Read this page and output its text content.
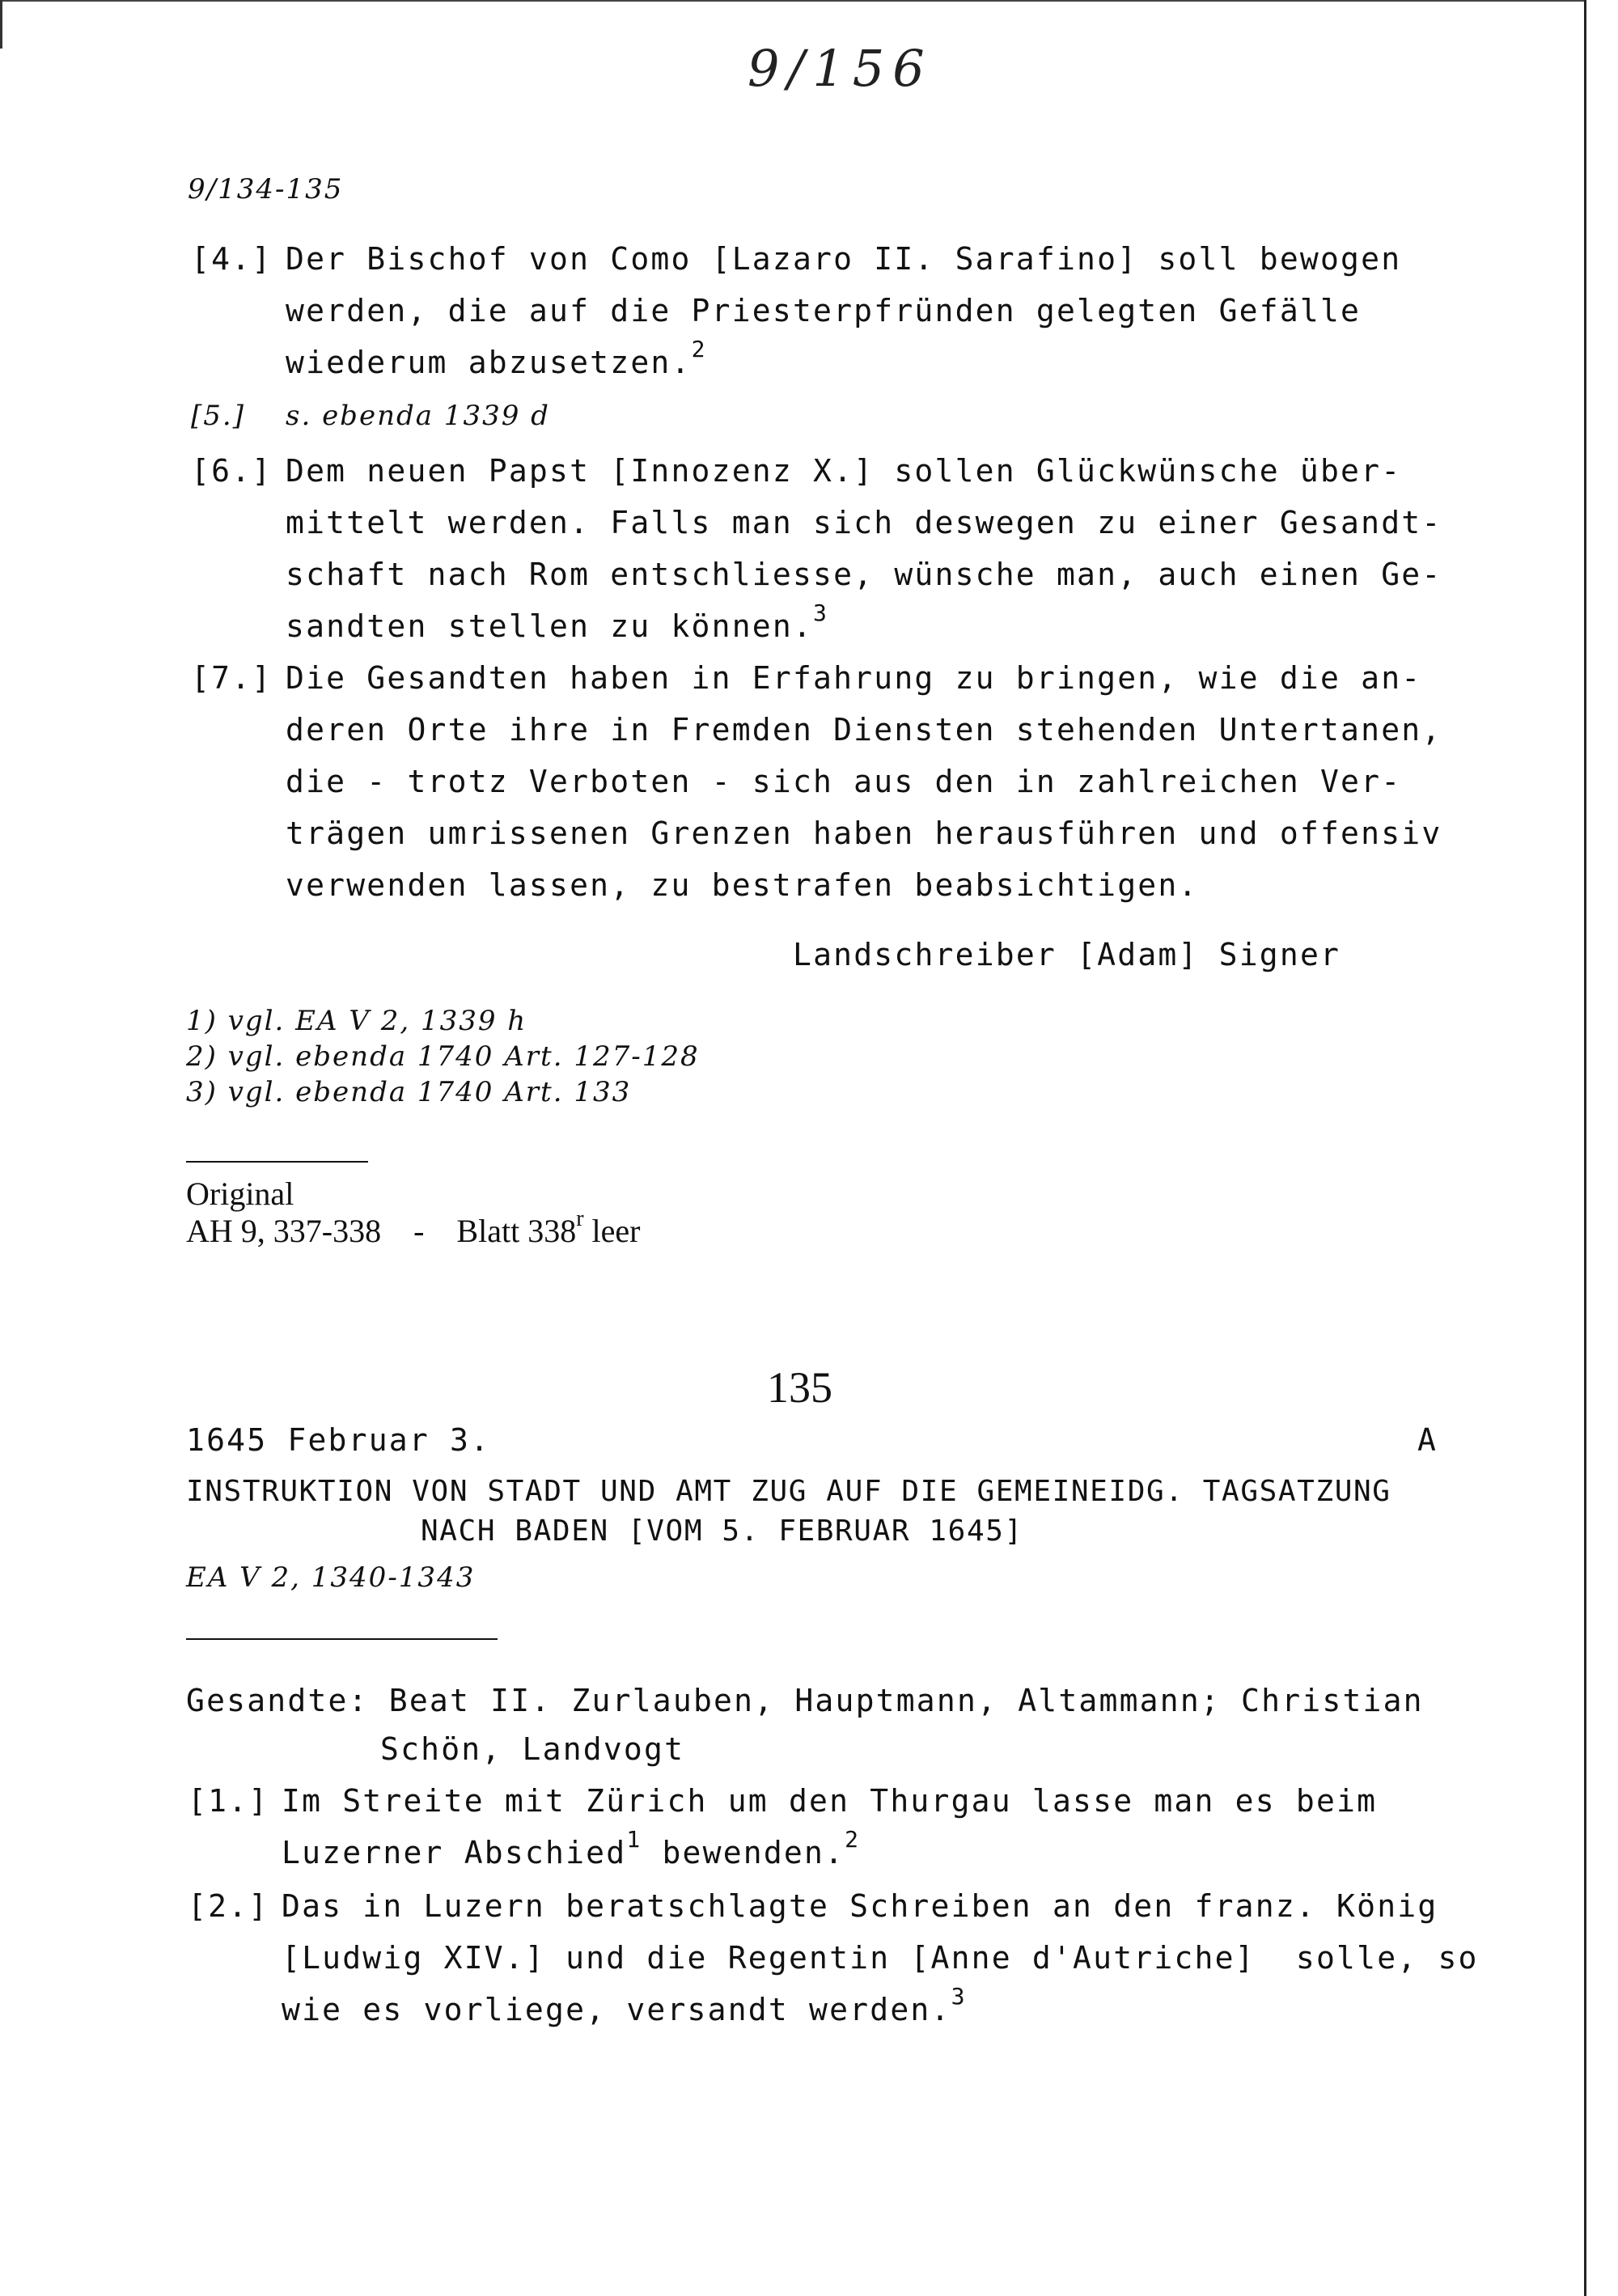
9/156
9/134-135
[4.] Der Bischof von Como [Lazaro II. Sarafino] soll bewogen
werden, die auf die Priesterpfründen gelegten Gefälle
wiederum abzusetzen.$^2$
[5.] s. ebenda 1339 d
[6.] Dem neuen Papst [Innozenz X.] sollen Glückwünsche über-
mittelt werden. Falls man sich deswegen zu einer Gesandt-
schaft nach Rom entschliesse, wünsche man, auch einen Ge-
sandten stellen zu können.$^3$
[7.] Die Gesandten haben in Erfahrung zu bringen, wie die an-
deren Orte ihre in Fremden Diensten stehenden Untertanen,
die - trotz Verboten - sich aus den in zahlreichen Ver-
trägen umrissenen Grenzen haben herausführen und offensiv
verwenden lassen, zu bestrafen beabsichtigen.
Landschreiber [Adam] Signer
1) vgl. EA V 2, 1339 h
2) vgl. ebenda 1740 Art. 127-128
3) vgl. ebenda 1740 Art. 133
Original
AH 9, 337-338 - Blatt 338$^r$ leer
135
1645 Februar 3.	A
INSTRUKTION VON STADT UND AMT ZUG AUF DIE GEMEINEIDG. TAGSATZUNG
NACH BADEN [VOM 5. FEBRUAR 1645]
EA V 2, 1340-1343
Gesandte: Beat II. Zurlauben, Hauptmann, Altammann; Christian
Schön, Landvogt
[1.] Im Streite mit Zürich um den Thurgau lasse man es beim
Luzerner Abschied$^1$ bewenden.$^2$
[2.] Das in Luzern beratschlagte Schreiben an den franz. König
[Ludwig XIV.] und die Regentin [Anne d'Autriche]  solle, so
wie es vorliege, versandt werden.$^3$
